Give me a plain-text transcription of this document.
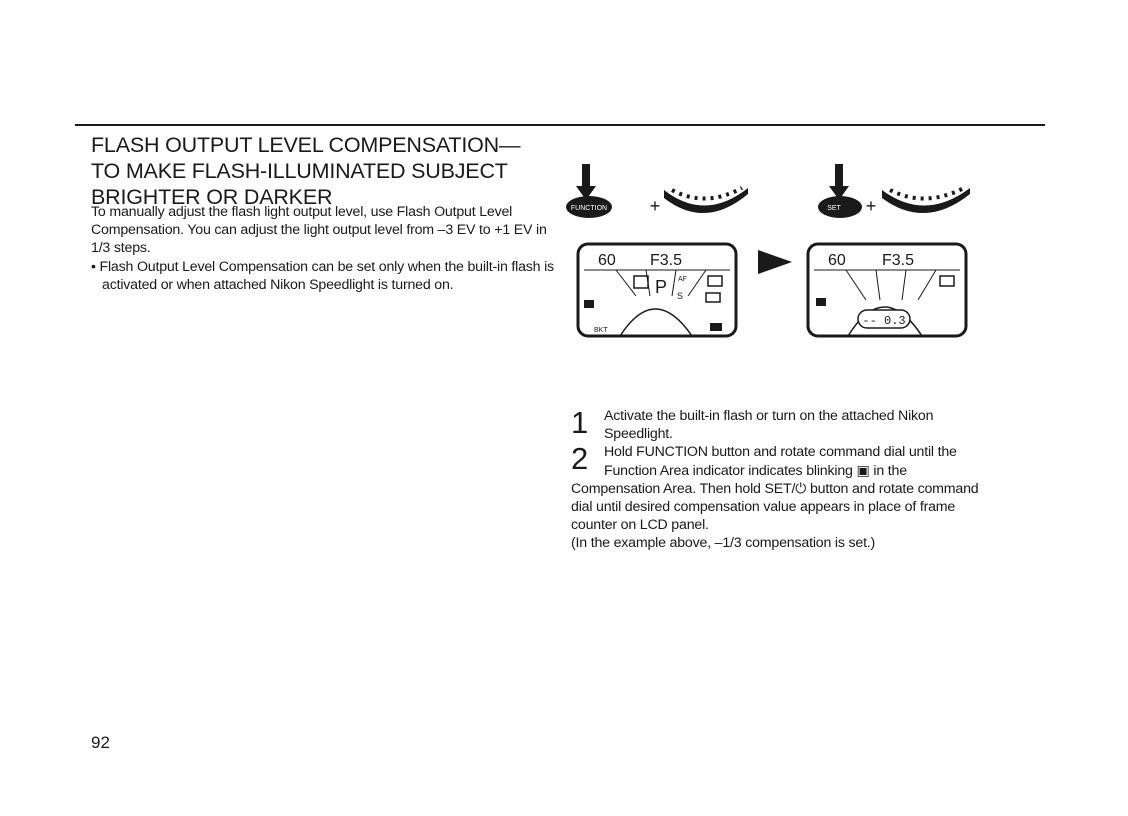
FLASH OUTPUT LEVEL COMPENSATION—
TO MAKE FLASH-ILLUMINATED SUBJECT
BRIGHTER OR DARKER

To manually adjust the flash light output level, use Flash Output Level Compensation. You can adjust the light output level from –3 EV to +1 EV in 1/3 steps.

• Flash Output Level Compensation can be set only when the built-in flash is activated or when attached Nikon Speedlight is turned on.

FUNCTION +	SET +
60 F3.5
P AF
S
BKT
60 F3.5
-- 0.3
1 Activate the built-in flash or turn on the attached Nikon Speedlight.
2 Hold FUNCTION button and rotate command dial until the Function Area indicator indicates blinking ▣ in the
Compensation Area. Then hold SET/⏻ button and rotate command dial until desired compensation value appears in place of frame counter on LCD panel.
(In the example above, –1/3 compensation is set.)
92
